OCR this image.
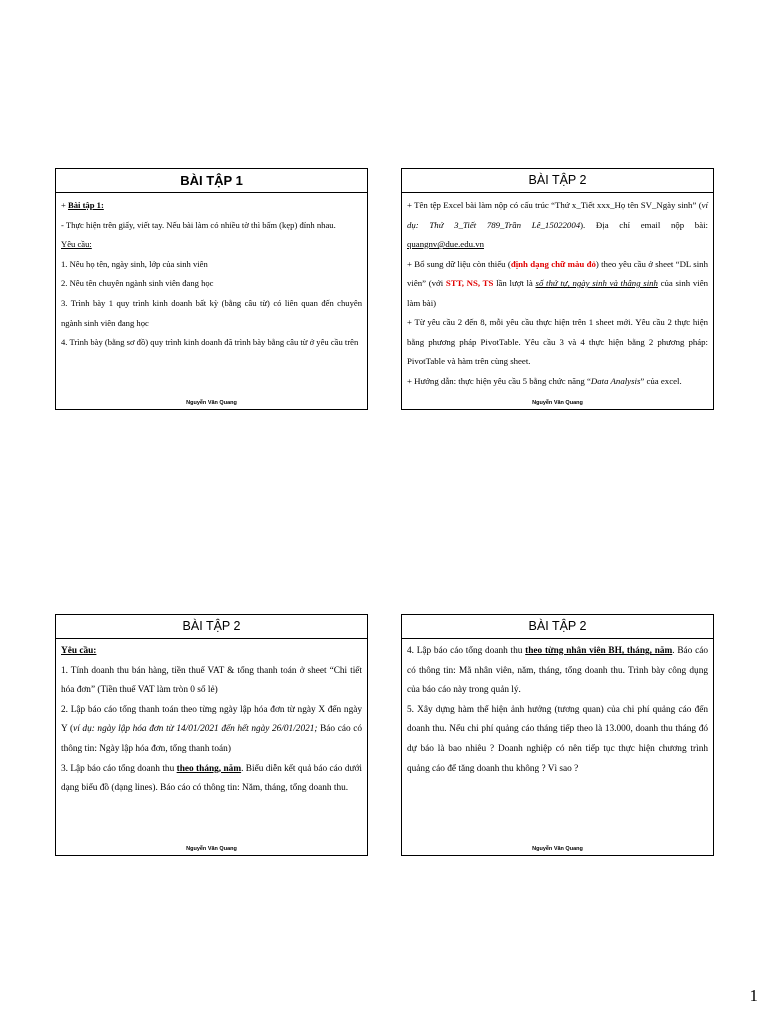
BÀI TẬP 1

+ Bài tập 1:

- Thực hiện trên giấy, viết tay. Nếu bài làm có nhiều tờ thì bấm (kẹp) đính nhau.

Yêu cầu:

1. Nêu họ tên, ngày sinh, lớp của sinh viên

2. Nêu tên chuyên ngành sinh viên đang học

3. Trình bày 1 quy trình kinh doanh bất kỳ (bằng câu từ) có liên quan đến chuyên ngành sinh viên đang học

4. Trình bày (bằng sơ đồ) quy trình kinh doanh đã trình bày bằng câu từ ở yêu cầu trên

Nguyễn Văn Quang
BÀI TẬP 2

+ Tên tệp Excel bài làm nộp có cấu trúc “Thứ x_Tiết xxx_Họ tên SV_Ngày sinh” (ví dụ: Thứ 3_Tiết 789_Trần Lê_15022004). Địa chỉ email nộp bài: quangnv@due.edu.vn

+ Bổ sung dữ liệu còn thiếu (định dạng chữ màu đỏ) theo yêu cầu ở sheet “DL sinh viên” (với STT, NS, TS lần lượt là số thứ tự, ngày sinh và thâng sinh của sinh viên làm bài)

+ Từ yêu cầu 2 đến 8, mỗi yêu cầu thực hiện trên 1 sheet mới. Yêu cầu 2 thực hiện bằng phương pháp PivotTable. Yêu cầu 3 và 4 thực hiện bằng 2 phương pháp: PivotTable và hàm trên cùng sheet.

+ Hướng dẫn: thực hiện yêu cầu 5 bằng chức năng “Data Analysis” của excel.

Nguyễn Văn Quang
BÀI TẬP 2

Yêu cầu:

1. Tính doanh thu bán hàng, tiền thuế VAT & tổng thanh toán ở sheet “Chi tiết hóa đơn” (Tiền thuế VAT làm tròn 0 số lẻ)

2. Lập báo cáo tổng thanh toán theo từng ngày lập hóa đơn từ ngày X đến ngày Y (ví dụ: ngày lập hóa đơn từ 14/01/2021 đến hết ngày 26/01/2021; Báo cáo có thông tin: Ngày lập hóa đơn, tổng thanh toán)

3. Lập báo cáo tổng doanh thu theo tháng, năm. Biểu diễn kết quả báo cáo dưới dạng biểu đồ (dạng lines). Báo cáo có thông tin: Năm, tháng, tổng doanh thu.

Nguyễn Văn Quang
BÀI TẬP 2

4. Lập báo cáo tổng doanh thu theo từng nhân viên BH, tháng, năm. Báo cáo có thông tin: Mã nhân viên, năm, tháng, tổng doanh thu. Trình bày công dụng của báo cáo này trong quản lý.

5. Xây dựng hàm thể hiện ảnh hưởng (tương quan) của chi phí quảng cáo đến doanh thu. Nếu chi phí quảng cáo tháng tiếp theo là 13.000, doanh thu tháng đó dự báo là bao nhiêu ? Doanh nghiệp có nên tiếp tục thực hiện chương trình quảng cáo để tăng doanh thu không ? Vì sao ?

Nguyễn Văn Quang
1
